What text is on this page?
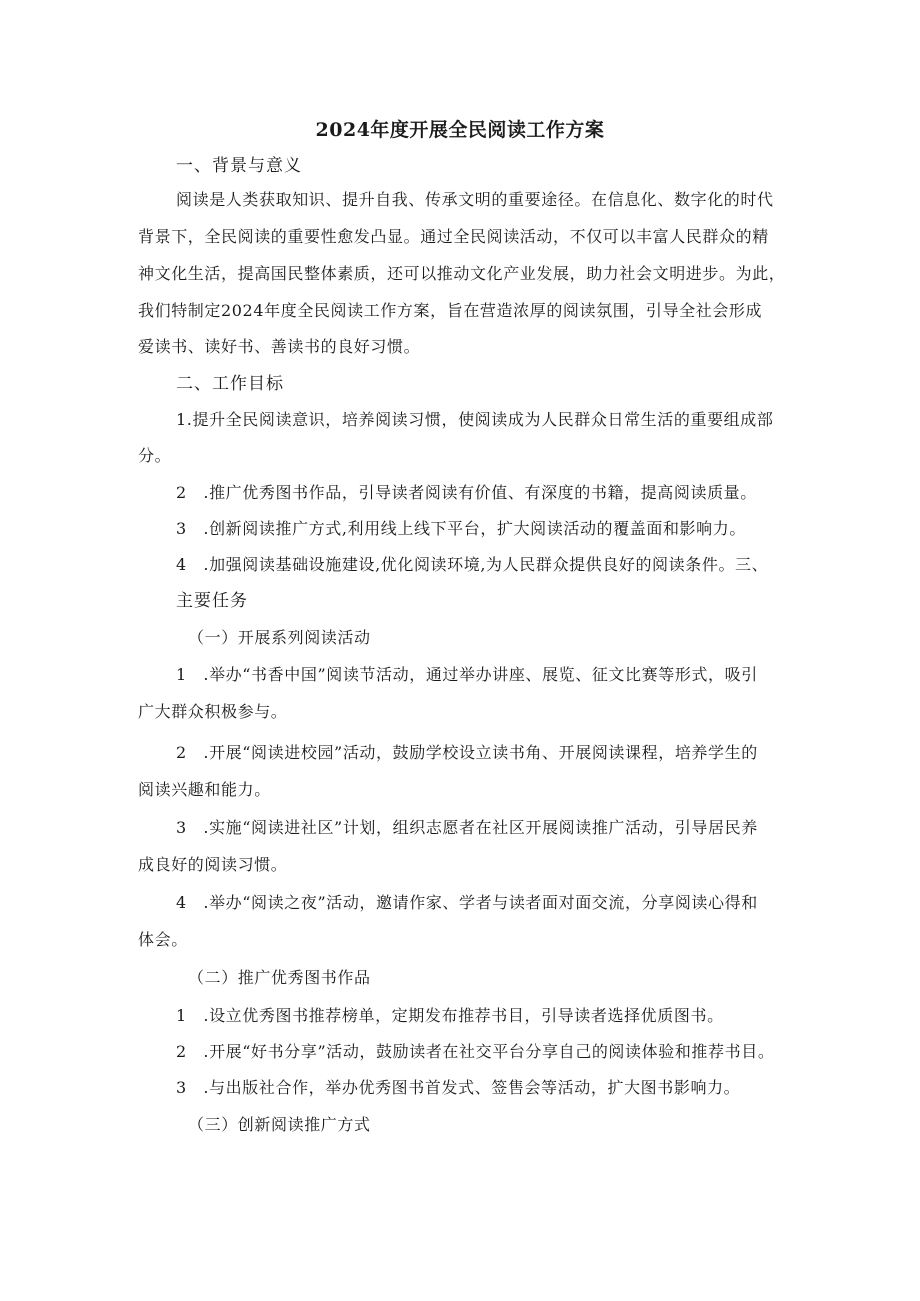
2024年度开展全民阅读工作方案
一、背景与意义
阅读是人类获取知识、提升自我、传承文明的重要途径。在信息化、数字化的时代
背景下，全民阅读的重要性愈发凸显。通过全民阅读活动，不仅可以丰富人民群众的精
神文化生活，提高国民整体素质，还可以推动文化产业发展，助力社会文明进步。为此，
我们特制定2024年度全民阅读工作方案，旨在营造浓厚的阅读氛围，引导全社会形成
爱读书、读好书、善读书的良好习惯。
二、工作目标
1.提升全民阅读意识，培养阅读习惯，使阅读成为人民群众日常生活的重要组成部
分。
2　.推广优秀图书作品，引导读者阅读有价值、有深度的书籍，提高阅读质量。
3　.创新阅读推广方式,利用线上线下平台，扩大阅读活动的覆盖面和影响力。
4　.加强阅读基础设施建设,优化阅读环境,为人民群众提供良好的阅读条件。三、
主要任务
（一）开展系列阅读活动
1　.举办“书香中国”阅读节活动，通过举办讲座、展览、征文比赛等形式，吸引
广大群众积极参与。
2　.开展“阅读进校园”活动，鼓励学校设立读书角、开展阅读课程，培养学生的
阅读兴趣和能力。
3　.实施“阅读进社区”计划，组织志愿者在社区开展阅读推广活动，引导居民养
成良好的阅读习惯。
4　.举办“阅读之夜”活动，邀请作家、学者与读者面对面交流，分享阅读心得和
体会。
（二）推广优秀图书作品
1　.设立优秀图书推荐榜单，定期发布推荐书目，引导读者选择优质图书。
2　.开展“好书分享”活动，鼓励读者在社交平台分享自己的阅读体验和推荐书目。
3　.与出版社合作，举办优秀图书首发式、签售会等活动，扩大图书影响力。
（三）创新阅读推广方式
